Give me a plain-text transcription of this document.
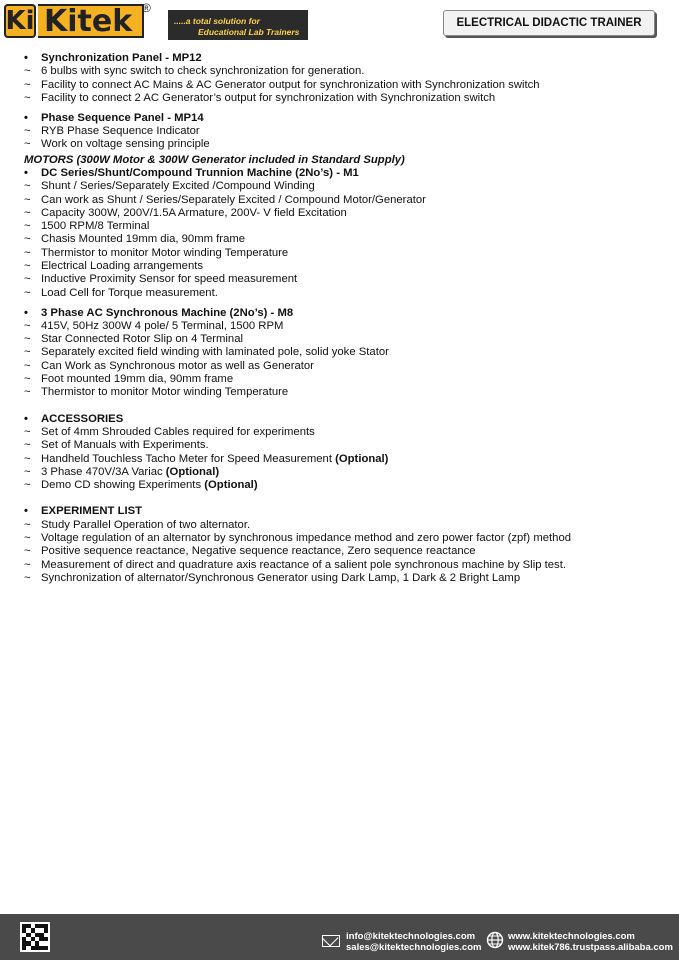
Ki Kitek ®
.....a total solution for
Educational Lab Trainers
ELECTRICAL DIDACTIC TRAINER
•	Synchronization Panel - MP12
~ 6 bulbs with sync switch to check synchronization for generation.
~ Facility to connect AC Mains & AC Generator output for synchronization with Synchronization switch
~ Facility to connect 2 AC Generator’s output for synchronization with Synchronization switch
•	Phase Sequence Panel - MP14
~ RYB Phase Sequence Indicator
~ Work on voltage sensing principle
MOTORS (300W Motor & 300W Generator included in Standard Supply)
•	DC Series/Shunt/Compound Trunnion Machine (2No’s) - M1
~ Shunt / Series/Separately Excited /Compound Winding
~ Can work as Shunt / Series/Separately Excited / Compound Motor/Generator
~ Capacity 300W, 200V/1.5A Armature, 200V- V field Excitation
~ 1500 RPM/8 Terminal
~ Chasis Mounted 19mm dia, 90mm frame
~ Thermistor to monitor Motor winding Temperature
~ Electrical Loading arrangements
~ Inductive Proximity Sensor for speed measurement
~ Load Cell for Torque measurement.
•	3 Phase AC Synchronous Machine (2No’s) - M8
~ 415V, 50Hz 300W 4 pole/ 5 Terminal, 1500 RPM
~ Star Connected Rotor Slip on 4 Terminal
~ Separately excited field winding with laminated pole, solid yoke Stator
~ Can Work as Synchronous motor as well as Generator
~ Foot mounted 19mm dia, 90mm frame
~ Thermistor to monitor Motor winding Temperature
•	ACCESSORIES
~ Set of 4mm Shrouded Cables required for experiments
~ Set of Manuals with Experiments.
~ Handheld Touchless Tacho Meter for Speed Measurement (Optional)
~ 3 Phase 470V/3A Variac (Optional)
~ Demo CD showing Experiments (Optional)
•	EXPERIMENT LIST
~ Study Parallel Operation of two alternator.
~ Voltage regulation of an alternator by synchronous impedance method and zero power factor (zpf) method
~ Positive sequence reactance, Negative sequence reactance, Zero sequence reactance
~ Measurement of direct and quadrature axis reactance of a salient pole synchronous machine by Slip test.
~ Synchronization of alternator/Synchronous Generator using Dark Lamp, 1 Dark & 2 Bright Lamp
info@kitektechnologies.com
sales@kitektechnologies.com
www.kitektechnologies.com
www.kitek786.trustpass.alibaba.com
